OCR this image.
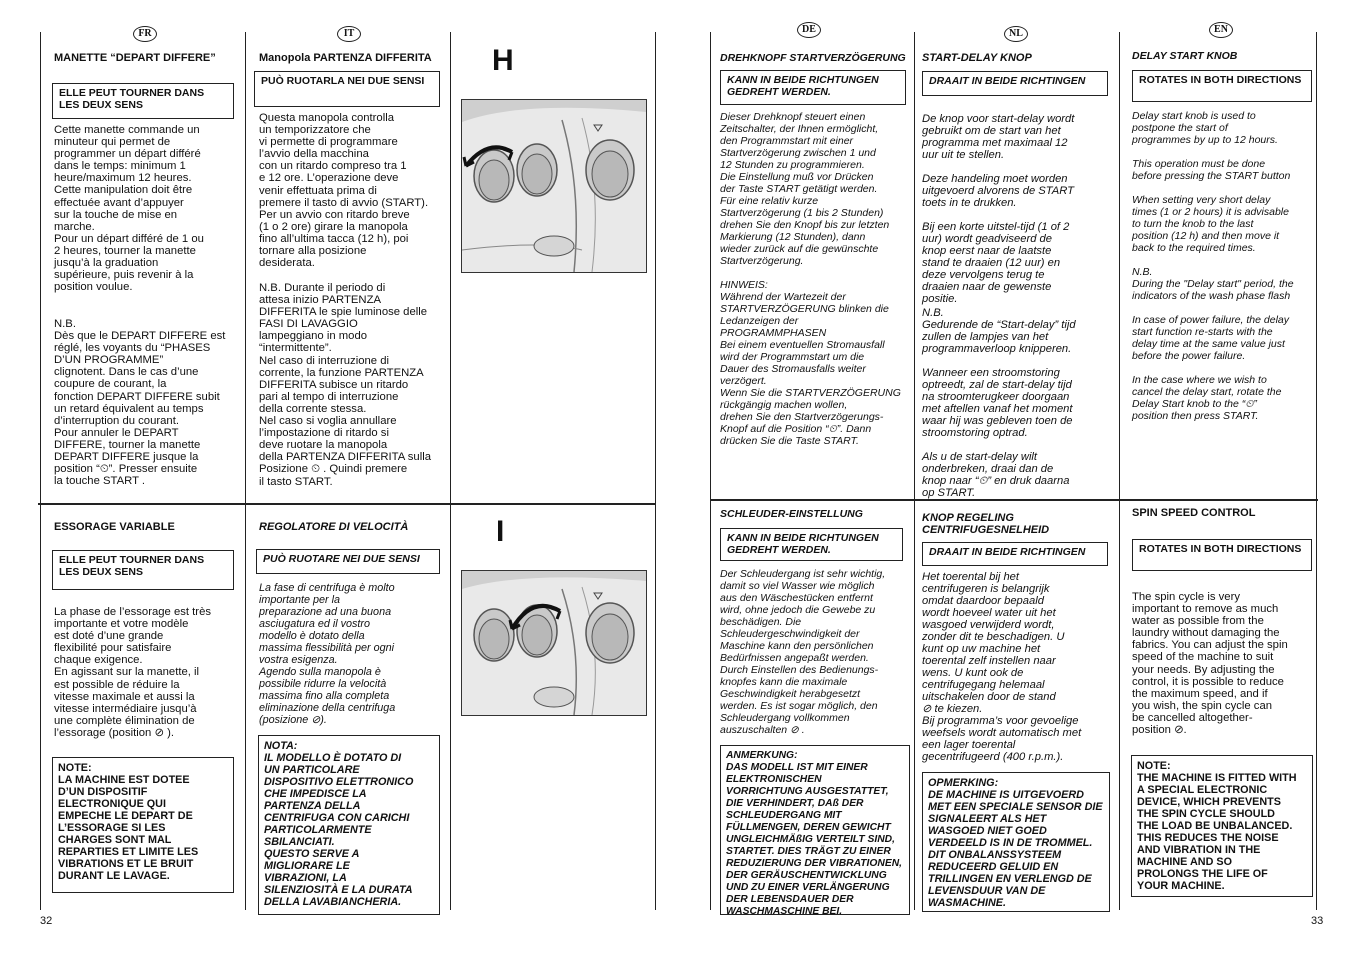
FR	IT	DE	NL	EN
H
I
MANETTE “DEPART DIFFERE”
ELLE PEUT TOURNER DANS LES DEUX SENS
Cette manette commande un
minuteur qui permet de
programmer un départ différé
dans le temps: minimum 1
heure/maximum 12 heures.
Cette manipulation doit être
effectuée avant d’appuyer
sur la touche de mise en
marche.
Pour un départ différé de 1 ou
2 heures, tourner la manette
jusqu’à la graduation
supérieure, puis revenir à la
position voulue.
N.B.
Dès que le DEPART DIFFERE est
réglé, les voyants du “PHASES
D’UN PROGRAMME”
clignotent. Dans le cas d’une
coupure de courant, la
fonction DEPART DIFFERE subit
un retard équivalent au temps
d’interruption du courant.
Pour annuler le DEPART
DIFFERE, tourner la manette
DEPART DIFFERE jusque la
position “⏲”. Presser ensuite
la touche START .
ESSORAGE VARIABLE
ELLE PEUT TOURNER DANS LES DEUX SENS
La phase de l’essorage est très
importante et votre modèle
est doté d’une grande
flexibilité pour satisfaire
chaque exigence.
En agissant sur la manette, il
est possible de réduire la
vitesse maximale et aussi la
vitesse intermédiaire jusqu’à
une complète élimination de
l’essorage (position ⊘ ).
NOTE:
LA MACHINE EST DOTEE
D’UN DISPOSITIF
ELECTRONIQUE QUI
EMPECHE LE DEPART DE
L’ESSORAGE SI LES
CHARGES SONT MAL
REPARTIES ET LIMITE LES
VIBRATIONS ET LE BRUIT
DURANT LE LAVAGE.
32
Manopola PARTENZA DIFFERITA
PUÒ RUOTARLA NEI DUE SENSI
Questa manopola controlla
un temporizzatore che
vi permette di programmare
l’avvio della macchina
con un ritardo compreso tra 1
e 12 ore. L’operazione deve
venir effettuata prima di
premere il tasto di avvio (START).
Per un avvio con ritardo breve
(1 o 2 ore) girare la manopola
fino all’ultima tacca (12 h), poi
tornare alla posizione
desiderata.
N.B. Durante il periodo di
attesa inizio PARTENZA
DIFFERITA le spie luminose delle
FASI DI LAVAGGIO
lampeggiano in modo
“intermittente”.
Nel caso di interruzione di
corrente, la funzione PARTENZA
DIFFERITA subisce un ritardo
pari al tempo di interruzione
della corrente stessa.
Nel caso si voglia annullare
l’impostazione di ritardo si
deve ruotare la manopola
della PARTENZA DIFFERITA sulla
Posizione ⏲ . Quindi premere
il tasto START.
REGOLATORE DI VELOCITÀ
PUÒ RUOTARE NEI DUE SENSI
La fase di centrifuga è molto
importante per la
preparazione ad una buona
asciugatura ed il vostro
modello è dotato della
massima flessibilità per ogni
vostra esigenza.
Agendo sulla manopola è
possibile ridurre la velocità
massima fino alla completa
eliminazione della centrifuga
(posizione ⊘).
NOTA:
IL MODELLO È DOTATO DI
UN PARTICOLARE
DISPOSITIVO ELETTRONICO
CHE IMPEDISCE LA
PARTENZA DELLA
CENTRIFUGA CON CARICHI
PARTICOLARMENTE
SBILANCIATI.
QUESTO SERVE A
MIGLIORARE LE
VIBRAZIONI, LA
SILENZIOSITÀ E LA DURATA
DELLA LAVABIANCHERIA.
DREHKNOPF STARTVERZÖGERUNG
KANN IN BEIDE RICHTUNGEN GEDREHT WERDEN.
Dieser Drehknopf steuert einen
Zeitschalter, der Ihnen ermöglicht,
den Programmstart mit einer
Startverzögerung zwischen 1 und
12 Stunden zu programmieren.
Die Einstellung muß vor Drücken
der Taste START getätigt werden.
Für eine relativ kurze
Startverzögerung (1 bis 2 Stunden)
drehen Sie den Knopf bis zur letzten
Markierung (12 Stunden), dann
wieder zurück auf die gewünschte
Startverzögerung.
HINWEIS:
Während der Wartezeit der
STARTVERZÖGERUNG blinken die
Ledanzeigen der
PROGRAMMPHASEN
Bei einem eventuellen Stromausfall
wird der Programmstart um die
Dauer des Stromausfalls weiter
verzögert.
Wenn Sie die STARTVERZÖGERUNG
rückgängig machen wollen,
drehen Sie den Startverzögerungs-
Knopf auf die Position “⏲”. Dann
drücken Sie die Taste START.
SCHLEUDER-EINSTELLUNG
KANN IN BEIDE RICHTUNGEN GEDREHT WERDEN.
Der Schleudergang ist sehr wichtig,
damit so viel Wasser wie möglich
aus den Wäschestücken entfernt
wird, ohne jedoch die Gewebe zu
beschädigen. Die
Schleudergeschwindigkeit der
Maschine kann den persönlichen
Bedürfnissen angepaßt werden.
Durch Einstellen des Bedienungs-
knopfes kann die maximale
Geschwindigkeit herabgesetzt
werden. Es ist sogar möglich, den
Schleudergang vollkommen
auszuschalten ⊘ .
ANMERKUNG:
DAS MODELL IST MIT EINER
ELEKTRONISCHEN
VORRICHTUNG AUSGESTATTET,
DIE VERHINDERT, DAß DER
SCHLEUDERGANG MIT
FÜLLMENGEN, DEREN GEWICHT
UNGLEICHMÄßIG VERTEILT SIND,
STARTET. DIES TRÄGT ZU EINER
REDUZIERUNG DER VIBRATIONEN,
DER GERÄUSCHENTWICKLUNG
UND ZU EINER VERLÄNGERUNG
DER LEBENSDAUER DER
WASCHMASCHINE BEI.
START-DELAY KNOP
DRAAIT IN BEIDE RICHTINGEN
De knop voor start-delay wordt
gebruikt om de start van het
programma met maximaal 12
uur uit te stellen.

Deze handeling moet worden
uitgevoerd alvorens de START
toets in te drukken.

Bij een korte uitstel-tijd (1 of 2
uur) wordt geadviseerd de
knop eerst naar de laatste
stand te draaien (12 uur) en
deze vervolgens terug te
draaien naar de gewenste
positie.
N.B.
Gedurende de “Start-delay” tijd
zullen de lampjes van het
programmaverloop knipperen.

Wanneer een stroomstoring
optreedt, zal de start-delay tijd
na stroomterugkeer doorgaan
met aftellen vanaf het moment
waar hij was gebleven toen de
stroomstoring optrad.

Als u de start-delay wilt
onderbreken, draai dan de
knop naar “⏲” en druk daarna
op START.
KNOP REGELING
CENTRIFUGESNELHEID
DRAAIT IN BEIDE RICHTINGEN
Het toerental bij het
centrifugeren is belangrijk
omdat daardoor bepaald
wordt hoeveel water uit het
wasgoed verwijderd wordt,
zonder dit te beschadigen. U
kunt op uw machine het
toerental zelf instellen naar
wens. U kunt ook de
centrifugegang helemaal
uitschakelen door de stand
⊘ te kiezen.
Bij programma’s voor gevoelige
weefsels wordt automatisch met
een lager toerental
gecentrifugeerd (400 r.p.m.).
OPMERKING:
DE MACHINE IS UITGEVOERD
MET EEN SPECIALE SENSOR DIE
SIGNALEERT ALS HET
WASGOED NIET GOED
VERDEELD IS IN DE TROMMEL.
DIT ONBALANSSYSTEEM
REDUCEERD GELUID EN
TRILLINGEN EN VERLENGD DE
LEVENSDUUR VAN DE
WASMACHINE.
DELAY START KNOB
ROTATES IN BOTH DIRECTIONS
Delay start knob is used to
postpone the start of
programmes by up to 12 hours.

This operation must be done
before pressing the START button

When setting very short delay
times (1 or 2 hours) it is advisable
to turn the knob to the last
position (12 h) and then move it
back to the required times.
N.B.
During the "Delay start" period, the
indicators of the wash phase flash

In case of power failure, the delay
start function re-starts with the
delay time at the same value just
before the power failure.

In the case where we wish to
cancel the delay start, rotate the
Delay Start knob to the “⏲”
position then press START.
SPIN SPEED CONTROL
ROTATES IN BOTH DIRECTIONS
The spin cycle is very
important to remove as much
water as possible from the
laundry without damaging the
fabrics. You can adjust the spin
speed of the machine to suit
your needs. By adjusting the
control, it is possible to reduce
the maximum speed, and if
you wish, the spin cycle can
be cancelled altogether-
position ⊘.
NOTE:
THE MACHINE IS FITTED WITH
A SPECIAL ELECTRONIC
DEVICE, WHICH PREVENTS
THE SPIN CYCLE SHOULD
THE LOAD BE UNBALANCED.
THIS REDUCES THE NOISE
AND VIBRATION IN THE
MACHINE AND SO
PROLONGS THE LIFE OF
YOUR MACHINE.
33
